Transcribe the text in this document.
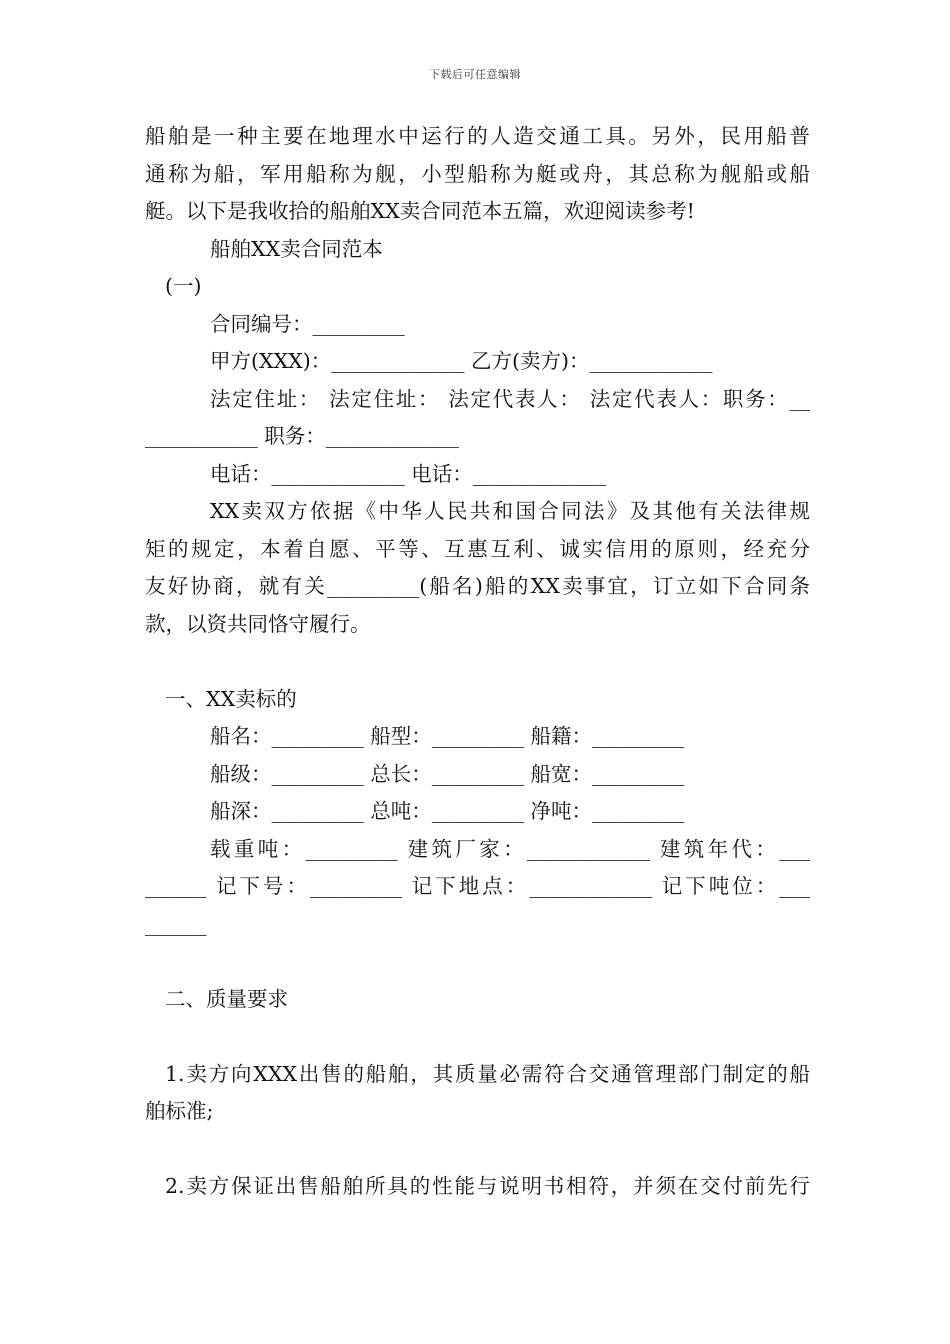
下载后可任意编辑
船舶是一种主要在地理水中运行的人造交通工具。另外，民用船普
通称为船，军用船称为舰，小型船称为艇或舟，其总称为舰船或船
艇。以下是我收拾的船舶XX卖合同范本五篇，欢迎阅读参考!
船舶XX卖合同范本
(一)
合同编号：_________
甲方(XXX)：_____________ 乙方(卖方)：____________
法定住址： 法定住址： 法定代表人： 法定代表人：职务：__
___________ 职务：_____________
电话：_____________ 电话：_____________
XX卖双方依据《中华人民共和国合同法》及其他有关法律规
矩的规定，本着自愿、平等、互惠互利、诚实信用的原则，经充分
友好协商，就有关_________(船名)船的XX卖事宜，订立如下合同条
款，以资共同恪守履行。
一、XX卖标的
船名：_________ 船型：_________ 船籍：_________
船级：_________ 总长：_________ 船宽：_________
船深：_________ 总吨：_________ 净吨：_________
载重吨：_________ 建筑厂家：____________ 建筑年代：___
______ 记下号：_________ 记下地点：____________ 记下吨位：___
______
二、质量要求
1.卖方向XXX出售的船舶，其质量必需符合交通管理部门制定的船
舶标准;
2.卖方保证出售船舶所具的性能与说明书相符，并须在交付前先行
